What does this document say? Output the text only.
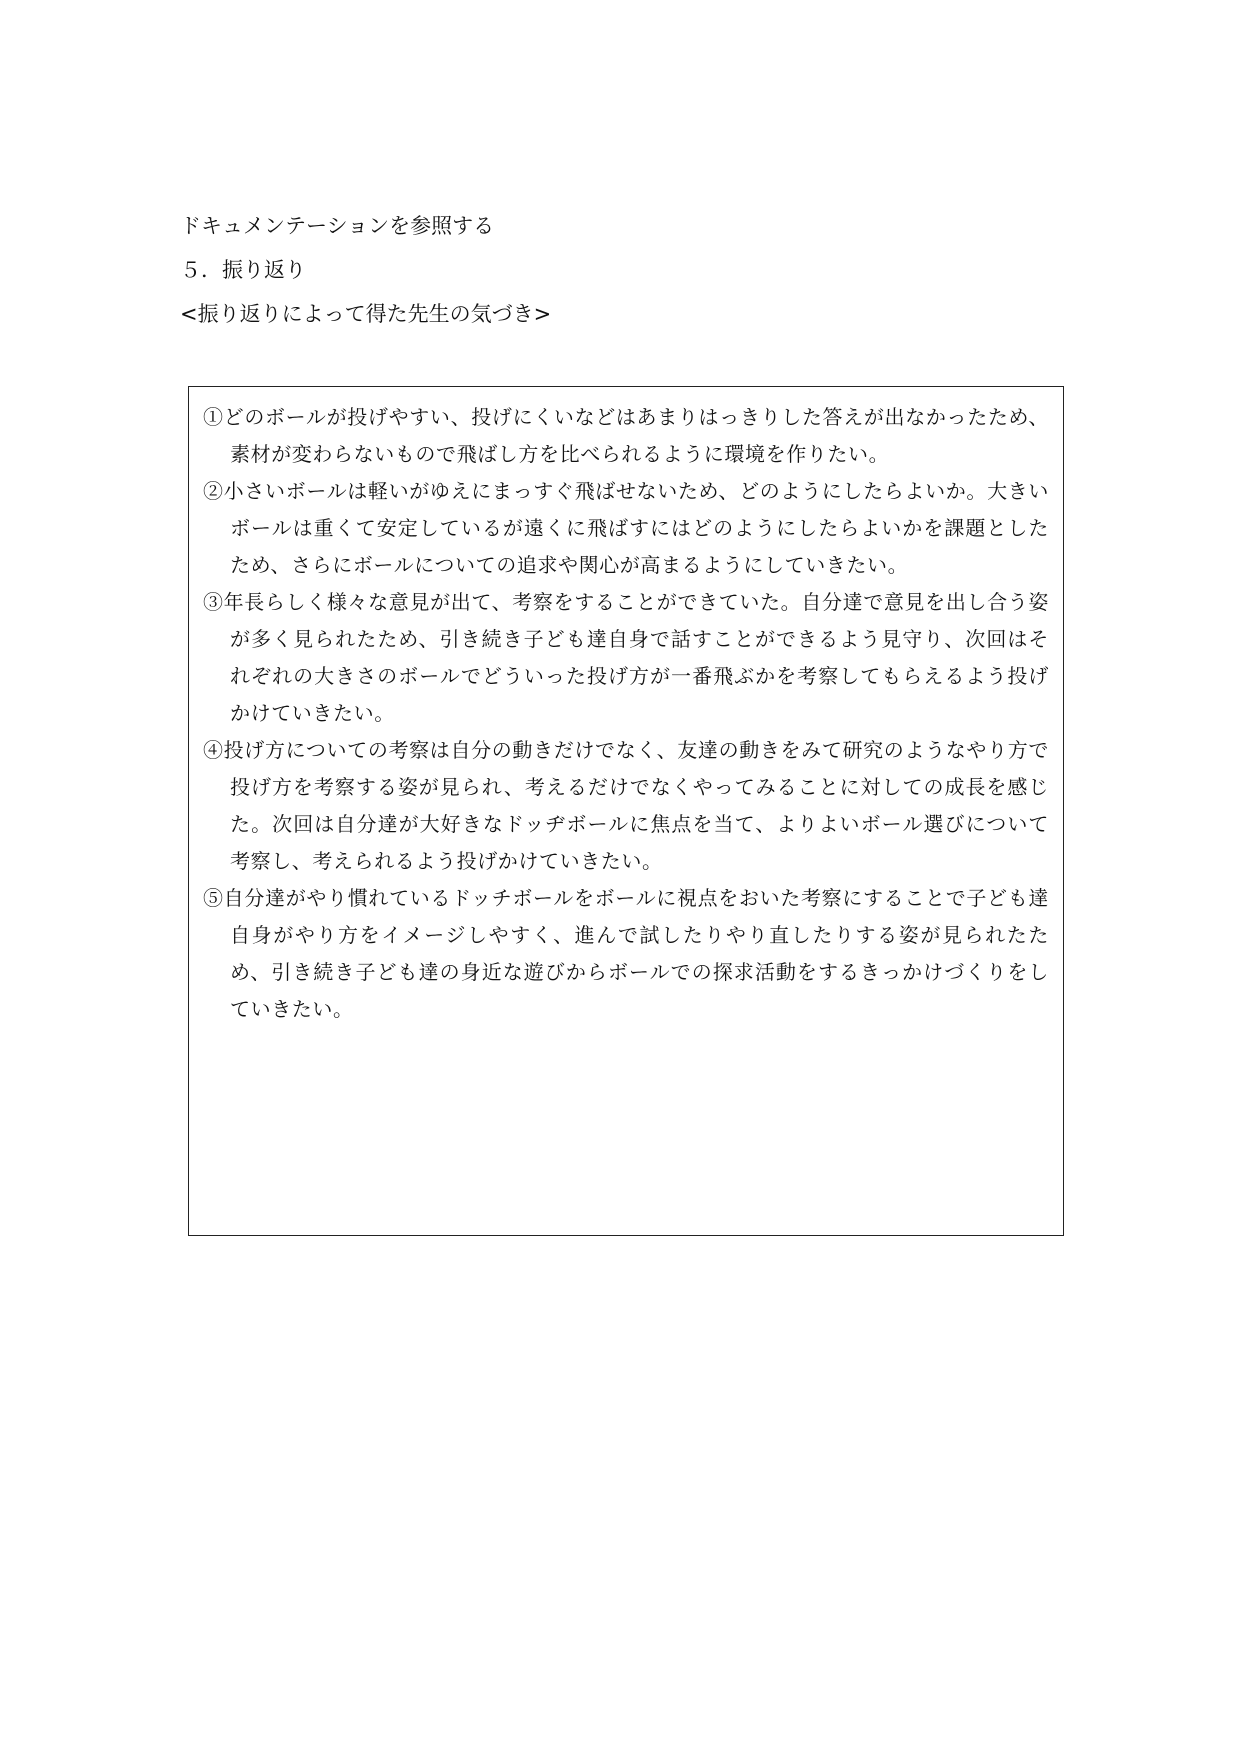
ドキュメンテーションを参照する
５．振り返り
<振り返りによって得た先生の気づき>

①どのボールが投げやすい、投げにくいなどはあまりはっきりした答えが出なかったため、素材が変わらないもので飛ばし方を比べられるように環境を作りたい。

②小さいボールは軽いがゆえにまっすぐ飛ばせないため、どのようにしたらよいか。大きいボールは重くて安定しているが遠くに飛ばすにはどのようにしたらよいかを課題としたため、さらにボールについての追求や関心が高まるようにしていきたい。

③年長らしく様々な意見が出て、考察をすることができていた。自分達で意見を出し合う姿が多く見られたため、引き続き子ども達自身で話すことができるよう見守り、次回はそれぞれの大きさのボールでどういった投げ方が一番飛ぶかを考察してもらえるよう投げかけていきたい。

④投げ方についての考察は自分の動きだけでなく、友達の動きをみて研究のようなやり方で投げ方を考察する姿が見られ、考えるだけでなくやってみることに対しての成長を感じた。次回は自分達が大好きなドッヂボールに焦点を当て、よりよいボール選びについて考察し、考えられるよう投げかけていきたい。

⑤自分達がやり慣れているドッチボールをボールに視点をおいた考察にすることで子ども達自身がやり方をイメージしやすく、進んで試したりやり直したりする姿が見られたため、引き続き子ども達の身近な遊びからボールでの探求活動をするきっかけづくりをしていきたい。
